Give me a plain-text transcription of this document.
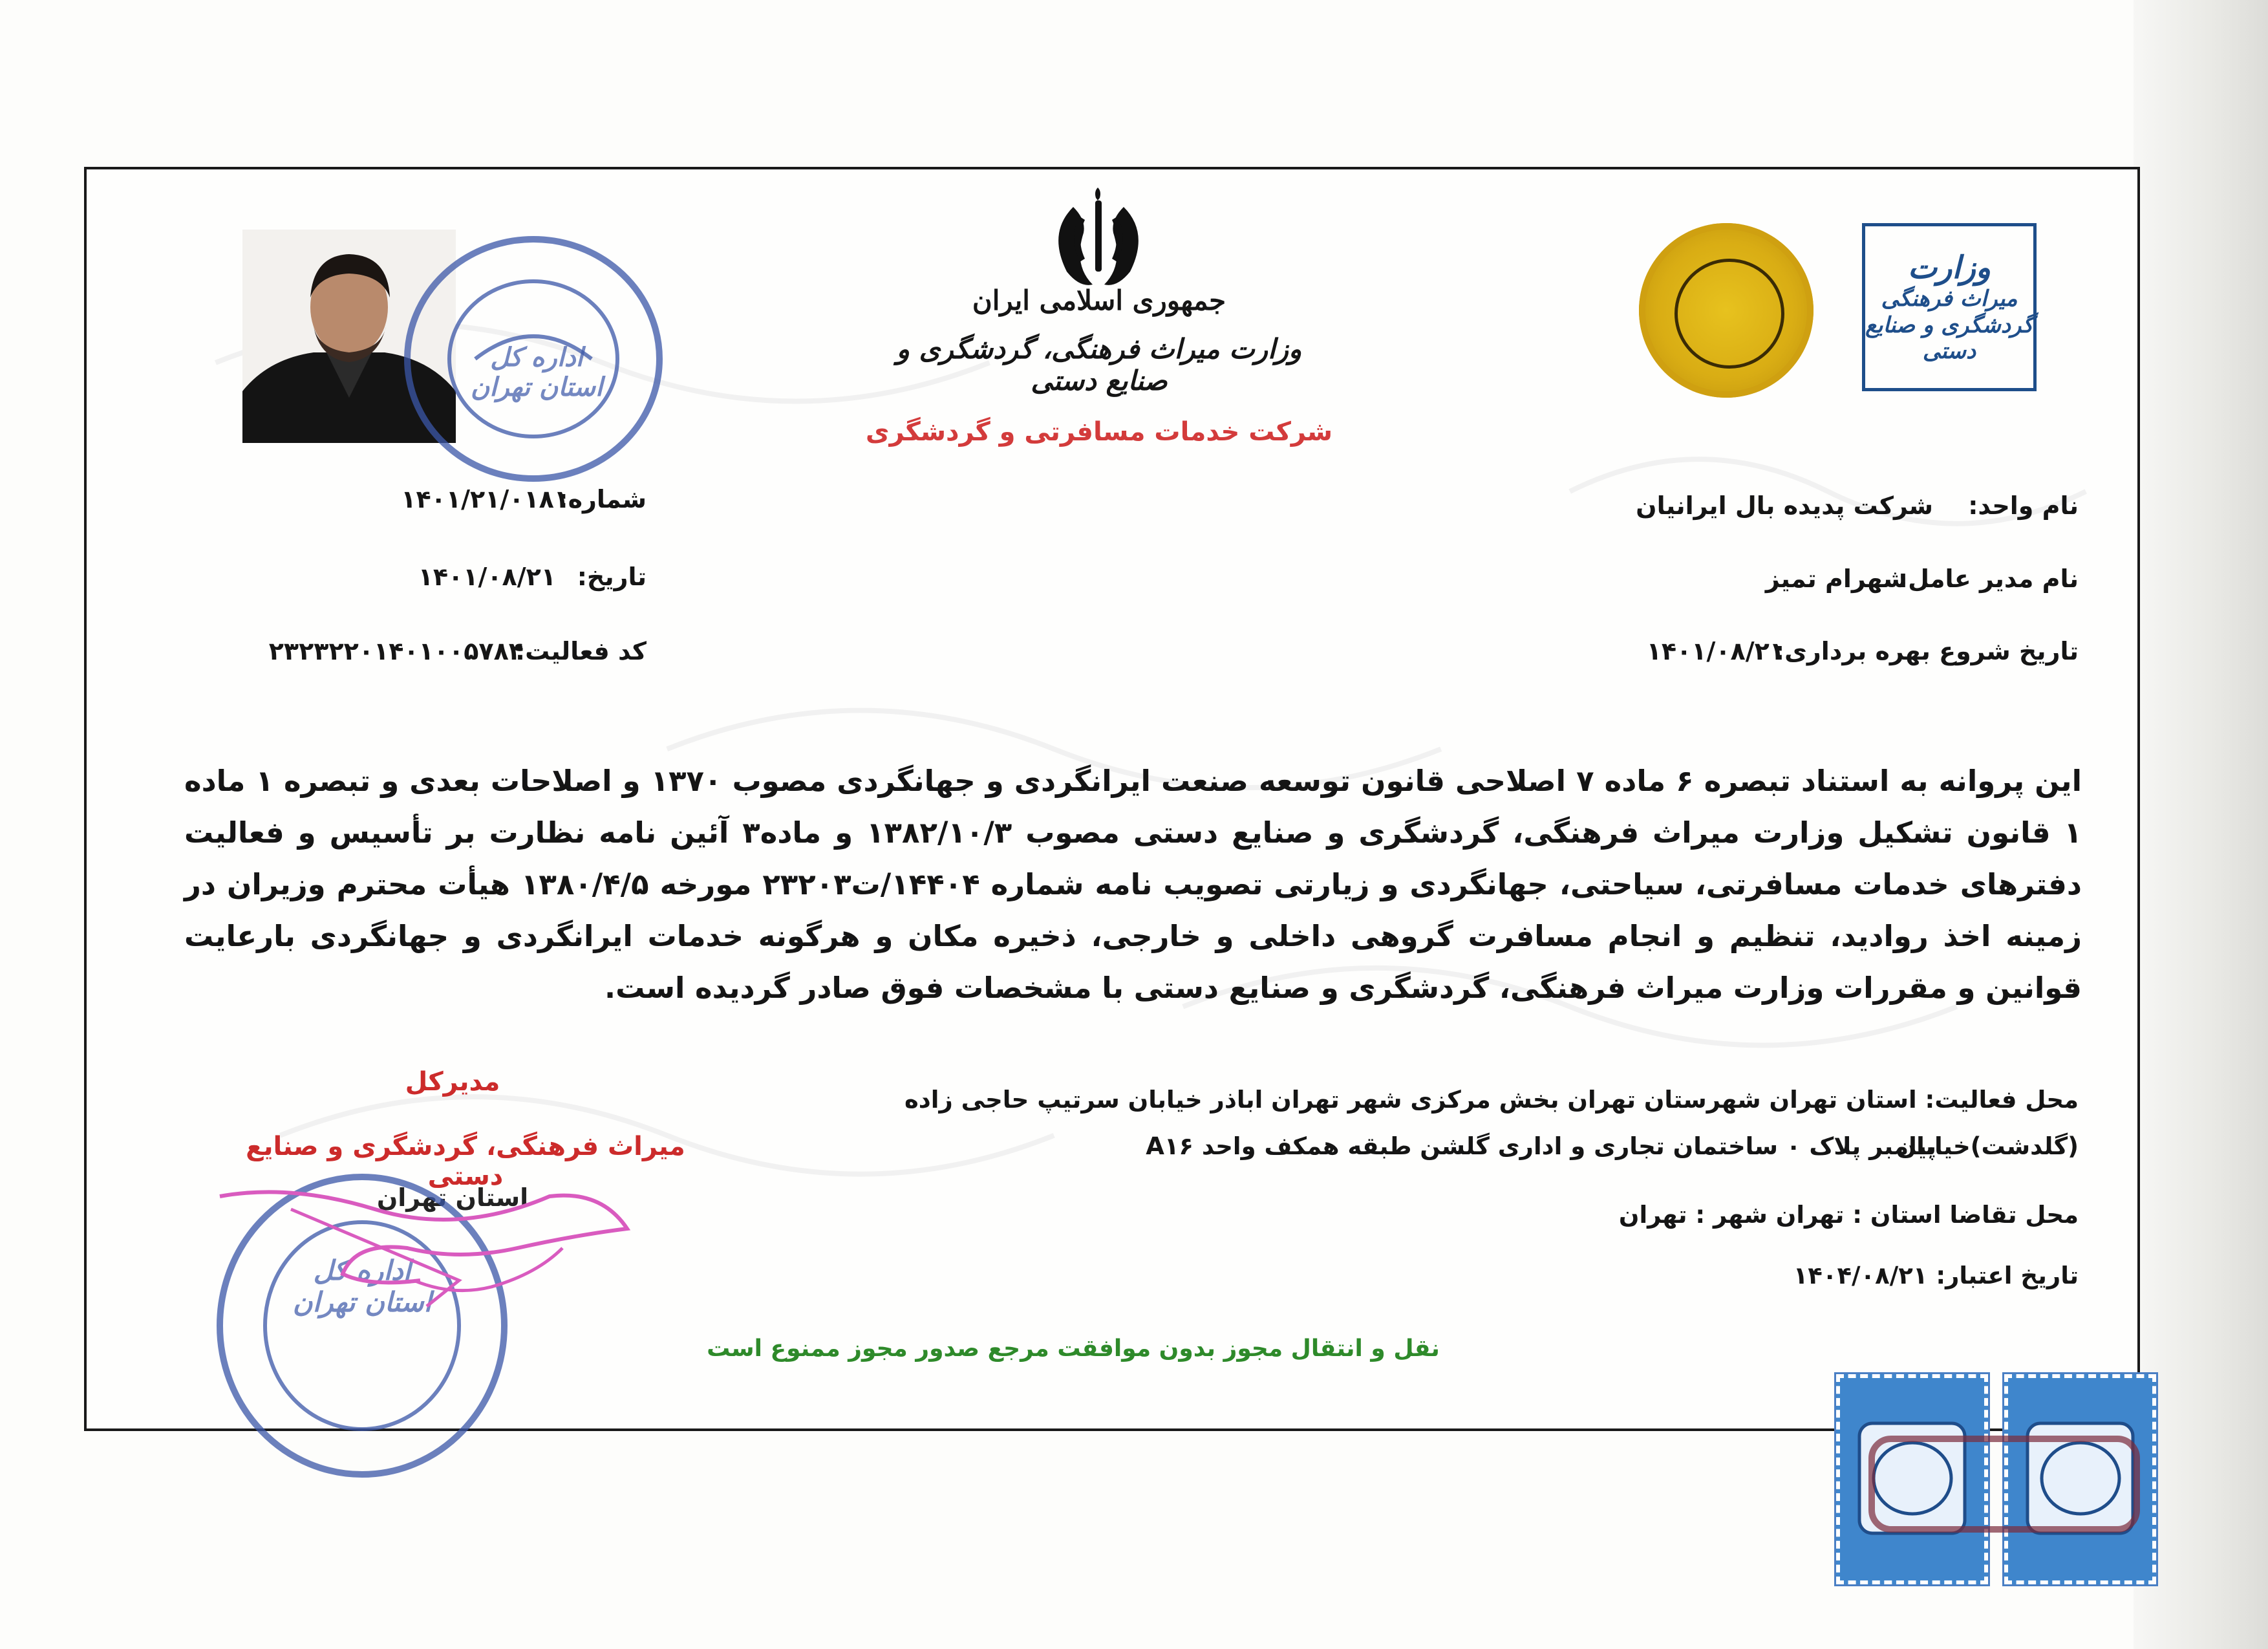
جمهوری اسلامی ایران
وزارت میراث فرهنگی، گردشگری و صنایع دستی
شرکت خدمات مسافرتی و گردشگری
وزارت
میراث فرهنگی
گردشگری و صنایع دستی
اداره کل استان تهران
شماره:
۱۴۰۱/۲۱/۰۱۸۱
تاریخ:
۱۴۰۱/۰۸/۲۱
کد فعالیت:
۲۳۲۳۲۲۰۱۴۰۱۰۰۵۷۸۴
نام واحد:
شرکت پدیده بال ایرانیان
نام مدیر عامل:
شهرام تمیز
تاریخ شروع بهره برداری:
۱۴۰۱/۰۸/۲۱
این پروانه به استناد تبصره ۶ ماده ۷ اصلاحی قانون توسعه صنعت ایرانگردی و جهانگردی مصوب ۱۳۷۰ و اصلاحات بعدی و تبصره ۱ ماده ۱ قانون تشکیل وزارت میراث فرهنگی، گردشگری و صنایع دستی مصوب ۱۳۸۲/۱۰/۳ و ماده۳ آئین نامه نظارت بر تأسیس و فعالیت دفترهای خدمات مسافرتی، سیاحتی، جهانگردی و زیارتی تصویب نامه شماره ۱۴۴۰۴/ت۲۳۲۰۳ مورخه ۱۳۸۰/۴/۵ هیأت محترم وزیران در زمینه اخذ روادید، تنظیم و انجام مسافرت گروهی داخلی و خارجی، ذخیره مکان و هرگونه خدمات ایرانگردی و جهانگردی بارعایت قوانین و مقررات وزارت میراث فرهنگی، گردشگری و صنایع دستی با مشخصات فوق صادر گردیده است.
محل فعالیت: استان تهران شهرستان تهران بخش مرکزی شهر تهران اباذر خیابان سرتیپ حاجی زاده (گلدشت)خیابان
پیامبر پلاک ۰ ساختمان تجاری و اداری گلشن طبقه همکف واحد A۱۶
محل تقاضا استان : تهران شهر : تهران
تاریخ اعتبار: ۱۴۰۴/۰۸/۲۱
مدیرکل
میراث فرهنگی، گردشگری و صنایع دستی
استان تهران
اداره کل استان تهران
نقل و انتقال مجوز بدون موافقت مرجع صدور مجوز ممنوع است
